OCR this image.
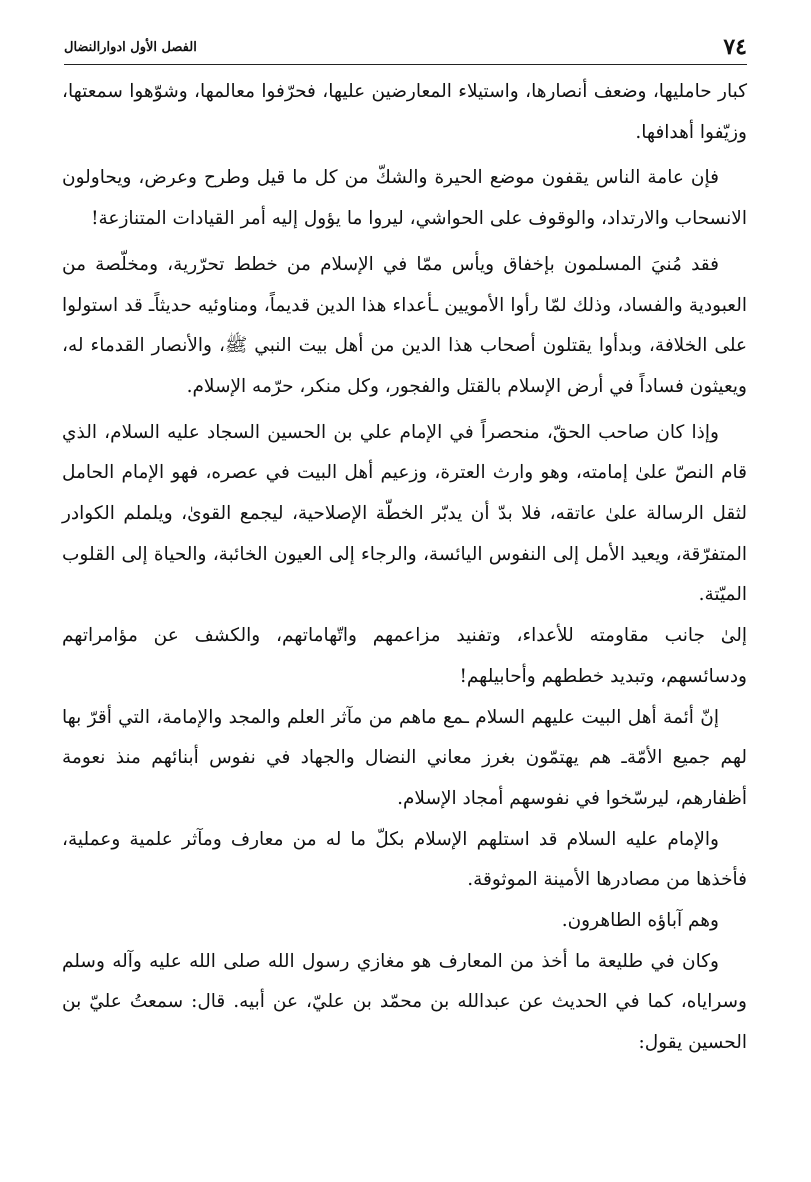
٧٤
الفصل الأول ادوارالنضال

كبار حامليها، وضعف أنصارها، واستيلاء المعارضين عليها، فحرّفوا معالمها، وشوّهوا سمعتها، وزيّفوا أهدافها.

فإن عامة الناس يقفون موضع الحيرة والشكّ من كل ما قيل وطرح وعرض، ويحاولون الانسحاب والارتداد، والوقوف على الحواشي، ليروا ما يؤول إليه أمر القيادات المتنازعة!

فقد مُنيَ المسلمون بإخفاق ويأس ممّا في الإسلام من خطط تحرّرية، ومخلّصة من العبودية والفساد، وذلك لمّا رأوا الأمويين ـأعداء هذا الدين قديماً، ومناوئيه حديثاًـ قد استولوا على الخلافة، وبدأوا يقتلون أصحاب هذا الدين من أهل بيت النبي ﷺ، والأنصار القدماء له، ويعيثون فساداً في أرض الإسلام بالقتل والفجور، وكل منكر، حرّمه الإسلام.

وإذا كان صاحب الحقّ، منحصراً في الإمام علي بن الحسين السجاد عليه السلام، الذي قام النصّ علىٰ إمامته، وهو وارث العترة، وزعيم أهل البيت في عصره، فهو الإمام الحامل لثقل الرسالة علىٰ عاتقه، فلا بدّ أن يدبّر الخطّة الإصلاحية، ليجمع القوىٰ، ويلملم الكوادر المتفرّقة، ويعيد الأمل إلى النفوس اليائسة، والرجاء إلى العيون الخائبة، والحياة إلى القلوب الميّتة.

إلىٰ جانب مقاومته للأعداء، وتفنيد مزاعمهم واتّهاماتهم، والكشف عن مؤامراتهم ودسائسهم، وتبديد خططهم وأحابيلهم!

إنّ أئمة أهل البيت عليهم السلام ـمع ماهم من مآثر العلم والمجد والإمامة، التي أقرّ بها لهم جميع الأمّةـ هم يهتمّون بغرز معاني النضال والجهاد في نفوس أبنائهم منذ نعومة أظفارهم، ليرسّخوا في نفوسهم أمجاد الإسلام.

والإمام عليه السلام قد استلهم الإسلام بكلّ ما له من معارف ومآثر علمية وعملية، فأخذها من مصادرها الأمينة الموثوقة.

وهم آباؤه الطاهرون.

وكان في طليعة ما أخذ من المعارف هو مغازي رسول الله صلى الله عليه وآله وسلم وسراياه، كما في الحديث عن عبدالله بن محمّد بن عليّ، عن أبيه. قال: سمعتُ عليّ بن الحسين يقول:
